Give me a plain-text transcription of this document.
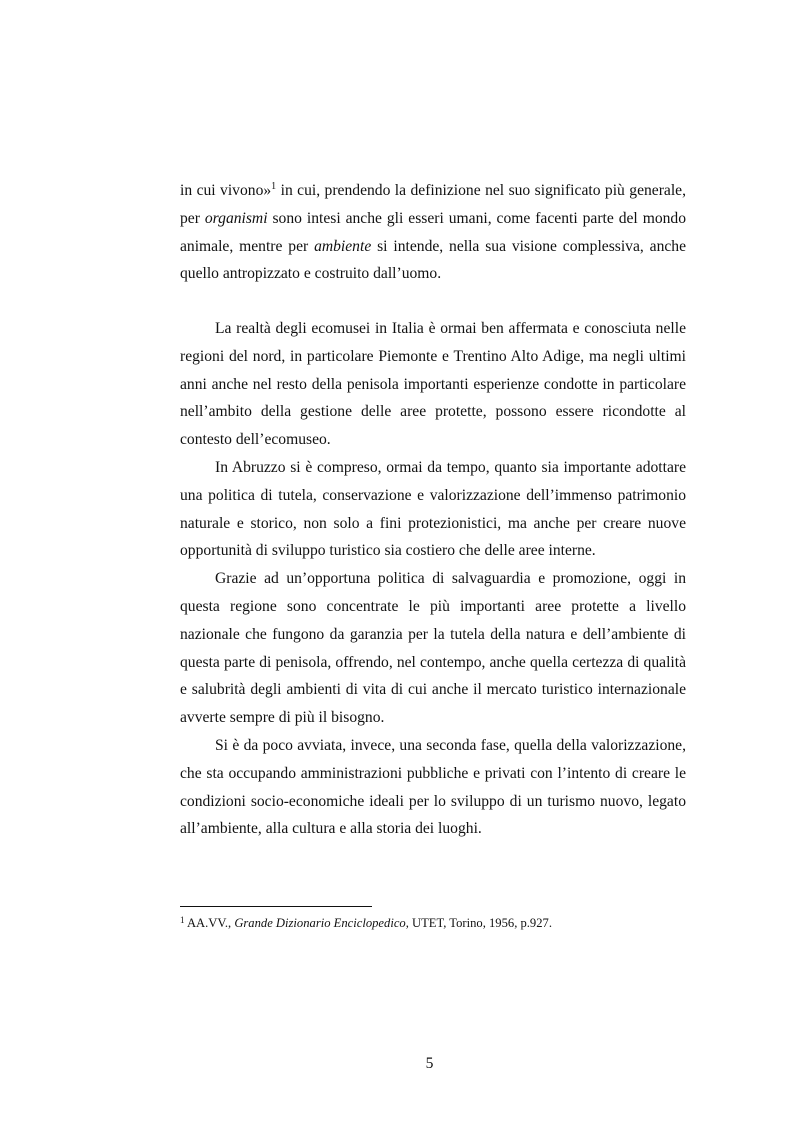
in cui vivono»$^1$ in cui, prendendo la definizione nel suo significato più generale, per organismi sono intesi anche gli esseri umani, come facenti parte del mondo animale, mentre per ambiente si intende, nella sua visione complessiva, anche quello antropizzato e costruito dall’uomo.

La realtà degli ecomusei in Italia è ormai ben affermata e conosciuta nelle regioni del nord, in particolare Piemonte e Trentino Alto Adige, ma negli ultimi anni anche nel resto della penisola importanti esperienze condotte in particolare nell’ambito della gestione delle aree protette, possono essere ricondotte al contesto dell’ecomuseo.

In Abruzzo si è compreso, ormai da tempo, quanto sia importante adottare una politica di tutela, conservazione e valorizzazione dell’immenso patrimonio naturale e storico, non solo a fini protezionistici, ma anche per creare nuove opportunità di sviluppo turistico sia costiero che delle aree interne.

Grazie ad un’opportuna politica di salvaguardia e promozione, oggi in questa regione sono concentrate le più importanti aree protette a livello nazionale che fungono da garanzia per la tutela della natura e dell’ambiente di questa parte di penisola, offrendo, nel contempo, anche quella certezza di qualità e salubrità degli ambienti di vita di cui anche il mercato turistico internazionale avverte sempre di più il bisogno.

Si è da poco avviata, invece, una seconda fase, quella della valorizzazione, che sta occupando amministrazioni pubbliche e privati con l’intento di creare le condizioni socio-economiche ideali per lo sviluppo di un turismo nuovo, legato all’ambiente, alla cultura e alla storia dei luoghi.

$^1$ AA.VV., Grande Dizionario Enciclopedico, UTET, Torino, 1956, p.927.
5
